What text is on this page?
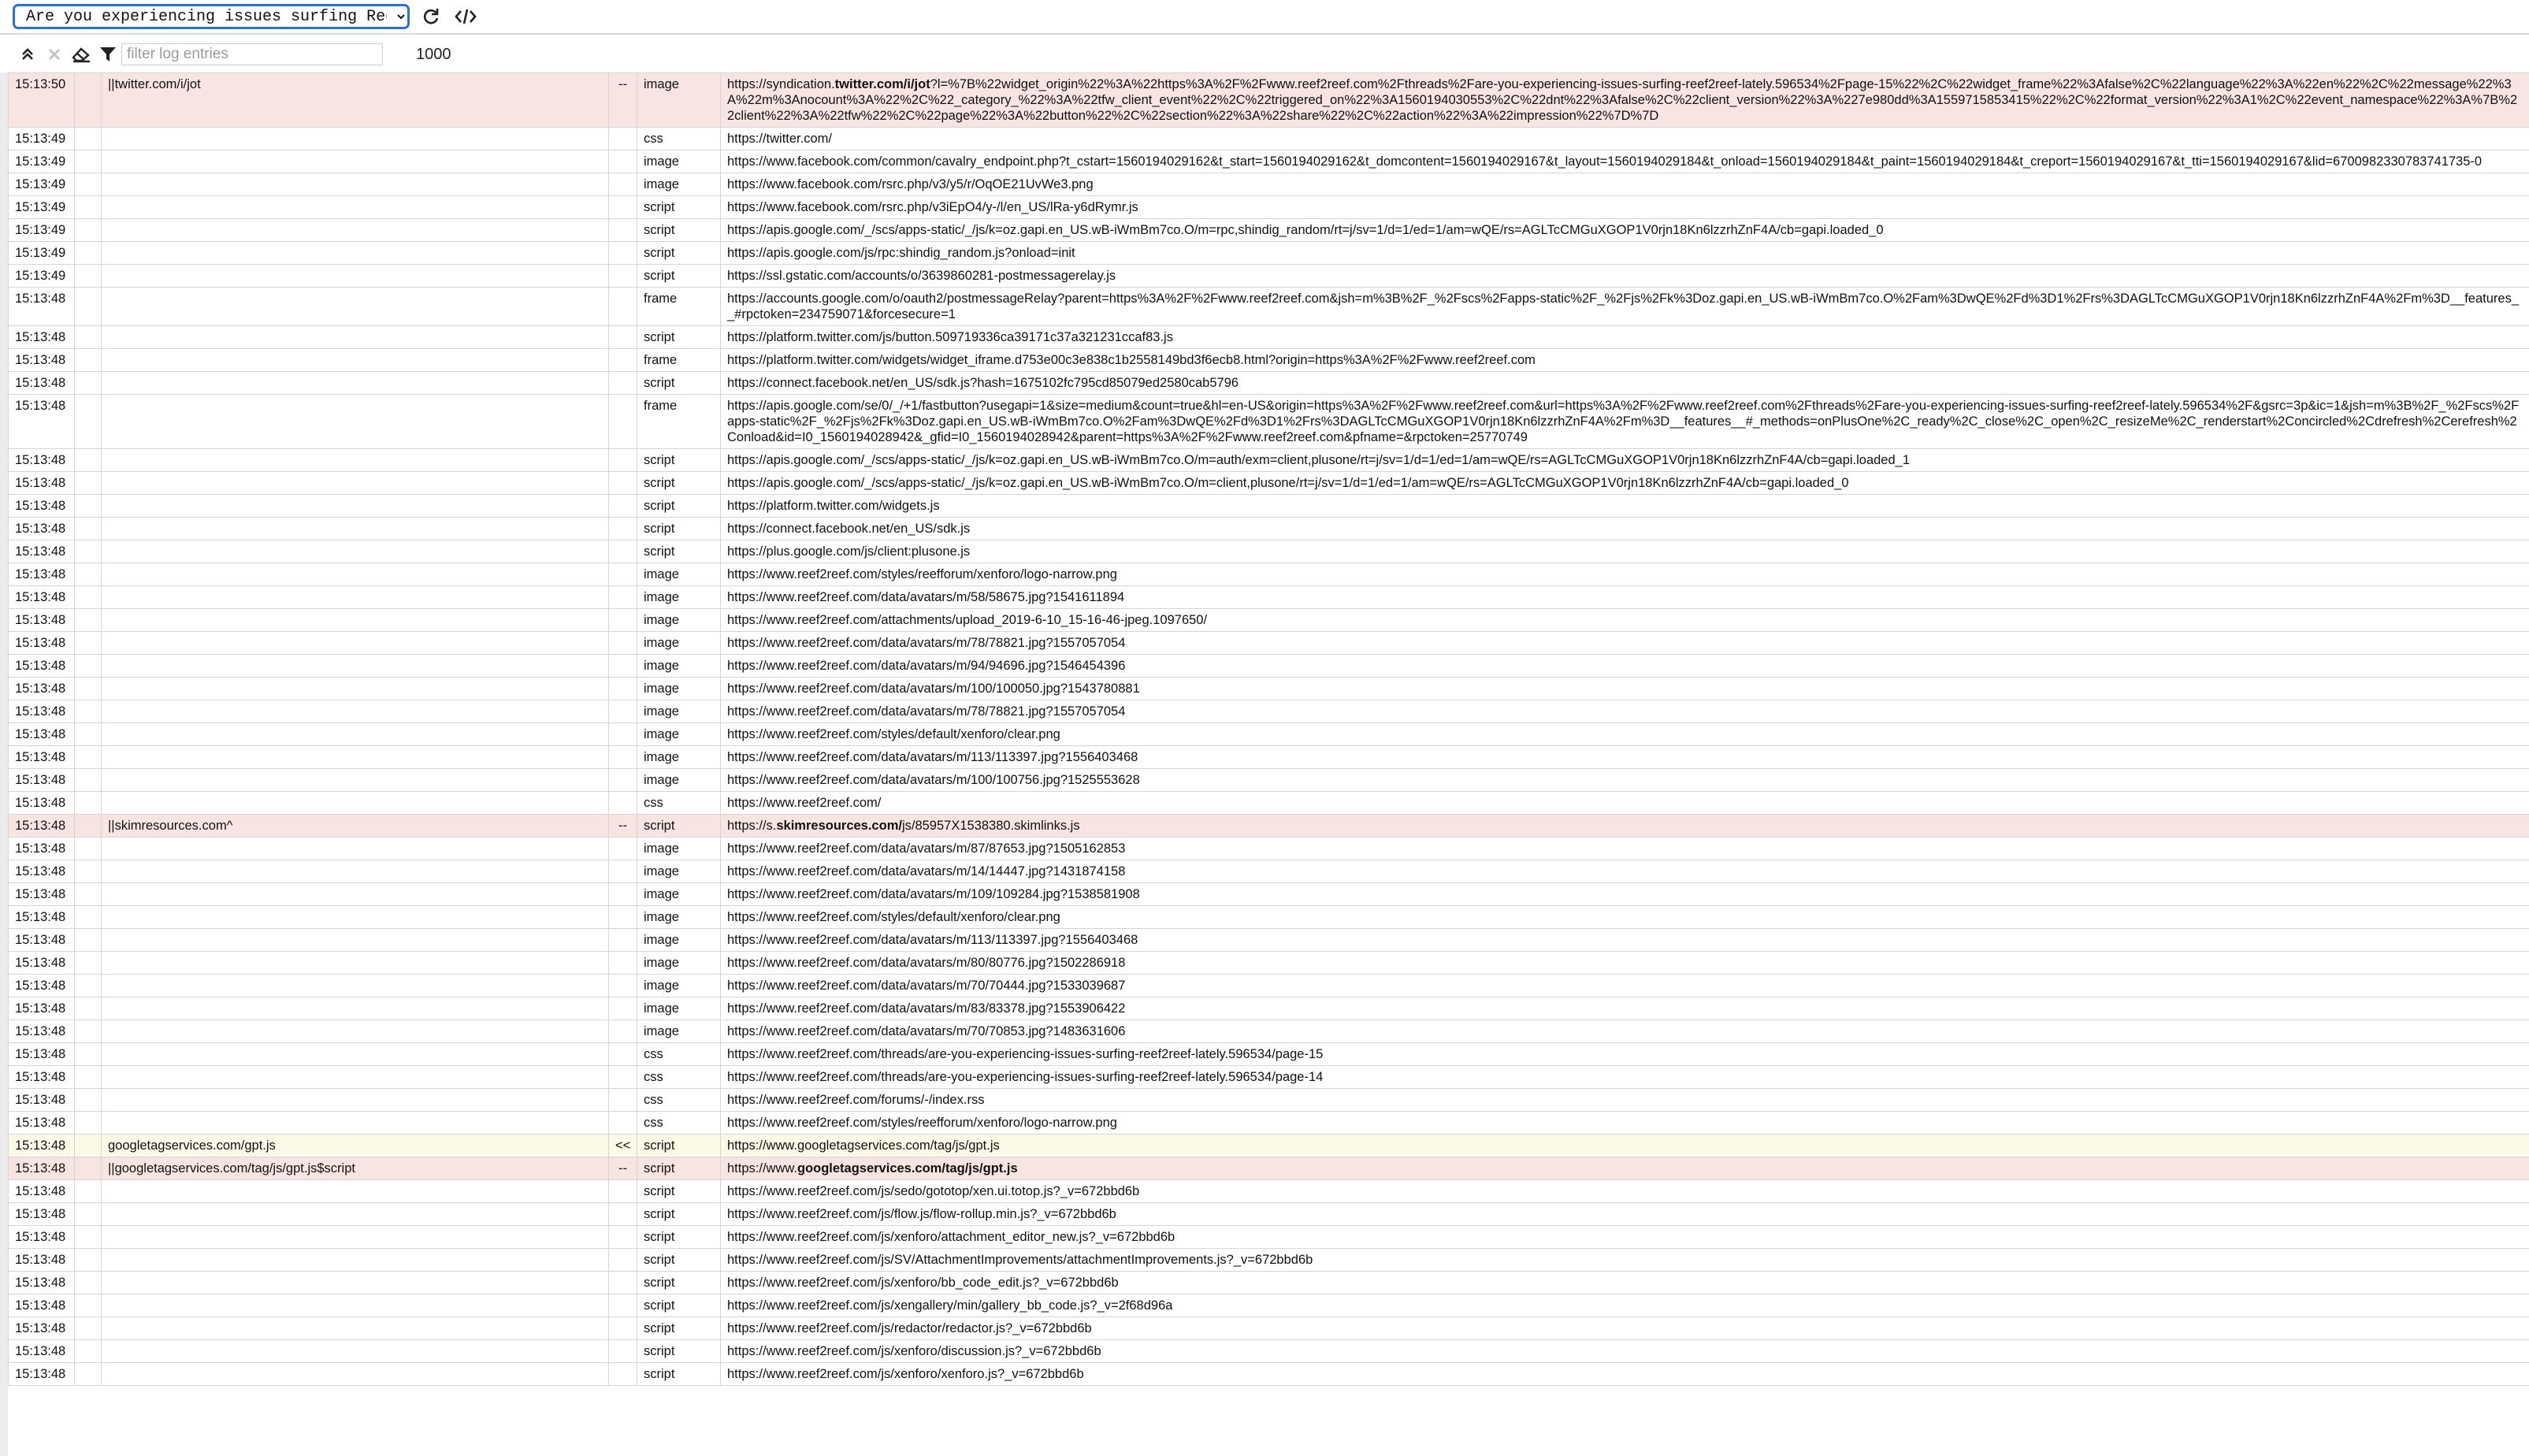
Are you experiencing issues surfing Reef2Reef lately?
filter log entries
1000
15:13:50		||twitter.com/i/jot	--	image	https://syndication.twitter.com/i/jot?l=%7B%22widget_origin%22%3A%22https%3A%2F%2Fwww.reef2reef.com%2Fthreads%2Fare-you-experiencing-issues-surfing-reef2reef-lately.596534%2Fpage-15%22%2C%22widget_frame%22%3Afalse%2C%22language%22%3A%22en%22%2C%22message%22%3A%22m%3Anocount%3A%22%2C%22_category_%22%3A%22tfw_client_event%22%2C%22triggered_on%22%3A1560194030553%2C%22dnt%22%3Afalse%2C%22client_version%22%3A%227e980dd%3A1559715853415%22%2C%22format_version%22%3A1%2C%22event_namespace%22%3A%7B%22client%22%3A%22tfw%22%2C%22page%22%3A%22button%22%2C%22section%22%3A%22share%22%2C%22action%22%3A%22impression%22%7D%7D
15:13:49				css	https://twitter.com/
15:13:49				image	https://www.facebook.com/common/cavalry_endpoint.php?t_cstart=1560194029162&t_start=1560194029162&t_domcontent=1560194029167&t_layout=1560194029184&t_onload=1560194029184&t_paint=1560194029184&t_creport=1560194029167&t_tti=1560194029167&lid=6700982330783741735-0
15:13:49				image	https://www.facebook.com/rsrc.php/v3/y5/r/OqOE21UvWe3.png
15:13:49				script	https://www.facebook.com/rsrc.php/v3iEpO4/y-/l/en_US/lRa-y6dRymr.js
15:13:49				script	https://apis.google.com/_/scs/apps-static/_/js/k=oz.gapi.en_US.wB-iWmBm7co.O/m=rpc,shindig_random/rt=j/sv=1/d=1/ed=1/am=wQE/rs=AGLTcCMGuXGOP1V0rjn18Kn6lzzrhZnF4A/cb=gapi.loaded_0
15:13:49				script	https://apis.google.com/js/rpc:shindig_random.js?onload=init
15:13:49				script	https://ssl.gstatic.com/accounts/o/3639860281-postmessagerelay.js
15:13:48				frame	https://accounts.google.com/o/oauth2/postmessageRelay?parent=https%3A%2F%2Fwww.reef2reef.com&jsh=m%3B%2F_%2Fscs%2Fapps-static%2F_%2Fjs%2Fk%3Doz.gapi.en_US.wB-iWmBm7co.O%2Fam%3DwQE%2Fd%3D1%2Frs%3DAGLTcCMGuXGOP1V0rjn18Kn6lzzrhZnF4A%2Fm%3D__features__#rpctoken=234759071&forcesecure=1
15:13:48				script	https://platform.twitter.com/js/button.509719336ca39171c37a321231ccaf83.js
15:13:48				frame	https://platform.twitter.com/widgets/widget_iframe.d753e00c3e838c1b2558149bd3f6ecb8.html?origin=https%3A%2F%2Fwww.reef2reef.com
15:13:48				script	https://connect.facebook.net/en_US/sdk.js?hash=1675102fc795cd85079ed2580cab5796
15:13:48				frame	https://apis.google.com/se/0/_/+1/fastbutton?usegapi=1&size=medium&count=true&hl=en-US&origin=https%3A%2F%2Fwww.reef2reef.com&url=https%3A%2F%2Fwww.reef2reef.com%2Fthreads%2Fare-you-experiencing-issues-surfing-reef2reef-lately.596534%2F&gsrc=3p&ic=1&jsh=m%3B%2F_%2Fscs%2Fapps-static%2F_%2Fjs%2Fk%3Doz.gapi.en_US.wB-iWmBm7co.O%2Fam%3DwQE%2Fd%3D1%2Frs%3DAGLTcCMGuXGOP1V0rjn18Kn6lzzrhZnF4A%2Fm%3D__features__#_methods=onPlusOne%2C_ready%2C_close%2C_open%2C_resizeMe%2C_renderstart%2Concircled%2Cdrefresh%2Cerefresh%2Conload&id=I0_1560194028942&_gfid=I0_1560194028942&parent=https%3A%2F%2Fwww.reef2reef.com&pfname=&rpctoken=25770749
15:13:48				script	https://apis.google.com/_/scs/apps-static/_/js/k=oz.gapi.en_US.wB-iWmBm7co.O/m=auth/exm=client,plusone/rt=j/sv=1/d=1/ed=1/am=wQE/rs=AGLTcCMGuXGOP1V0rjn18Kn6lzzrhZnF4A/cb=gapi.loaded_1
15:13:48				script	https://apis.google.com/_/scs/apps-static/_/js/k=oz.gapi.en_US.wB-iWmBm7co.O/m=client,plusone/rt=j/sv=1/d=1/ed=1/am=wQE/rs=AGLTcCMGuXGOP1V0rjn18Kn6lzzrhZnF4A/cb=gapi.loaded_0
15:13:48				script	https://platform.twitter.com/widgets.js
15:13:48				script	https://connect.facebook.net/en_US/sdk.js
15:13:48				script	https://plus.google.com/js/client:plusone.js
15:13:48				image	https://www.reef2reef.com/styles/reefforum/xenforo/logo-narrow.png
15:13:48				image	https://www.reef2reef.com/data/avatars/m/58/58675.jpg?1541611894
15:13:48				image	https://www.reef2reef.com/attachments/upload_2019-6-10_15-16-46-jpeg.1097650/
15:13:48				image	https://www.reef2reef.com/data/avatars/m/78/78821.jpg?1557057054
15:13:48				image	https://www.reef2reef.com/data/avatars/m/94/94696.jpg?1546454396
15:13:48				image	https://www.reef2reef.com/data/avatars/m/100/100050.jpg?1543780881
15:13:48				image	https://www.reef2reef.com/data/avatars/m/78/78821.jpg?1557057054
15:13:48				image	https://www.reef2reef.com/styles/default/xenforo/clear.png
15:13:48				image	https://www.reef2reef.com/data/avatars/m/113/113397.jpg?1556403468
15:13:48				image	https://www.reef2reef.com/data/avatars/m/100/100756.jpg?1525553628
15:13:48				css	https://www.reef2reef.com/
15:13:48		||skimresources.com^	--	script	https://s.skimresources.com/js/85957X1538380.skimlinks.js
15:13:48				image	https://www.reef2reef.com/data/avatars/m/87/87653.jpg?1505162853
15:13:48				image	https://www.reef2reef.com/data/avatars/m/14/14447.jpg?1431874158
15:13:48				image	https://www.reef2reef.com/data/avatars/m/109/109284.jpg?1538581908
15:13:48				image	https://www.reef2reef.com/styles/default/xenforo/clear.png
15:13:48				image	https://www.reef2reef.com/data/avatars/m/113/113397.jpg?1556403468
15:13:48				image	https://www.reef2reef.com/data/avatars/m/80/80776.jpg?1502286918
15:13:48				image	https://www.reef2reef.com/data/avatars/m/70/70444.jpg?1533039687
15:13:48				image	https://www.reef2reef.com/data/avatars/m/83/83378.jpg?1553906422
15:13:48				image	https://www.reef2reef.com/data/avatars/m/70/70853.jpg?1483631606
15:13:48				css	https://www.reef2reef.com/threads/are-you-experiencing-issues-surfing-reef2reef-lately.596534/page-15
15:13:48				css	https://www.reef2reef.com/threads/are-you-experiencing-issues-surfing-reef2reef-lately.596534/page-14
15:13:48				css	https://www.reef2reef.com/forums/-/index.rss
15:13:48				css	https://www.reef2reef.com/styles/reefforum/xenforo/logo-narrow.png
15:13:48		googletagservices.com/gpt.js	<<	script	https://www.googletagservices.com/tag/js/gpt.js
15:13:48		||googletagservices.com/tag/js/gpt.js$script	--	script	https://www.googletagservices.com/tag/js/gpt.js
15:13:48				script	https://www.reef2reef.com/js/sedo/gototop/xen.ui.totop.js?_v=672bbd6b
15:13:48				script	https://www.reef2reef.com/js/flow.js/flow-rollup.min.js?_v=672bbd6b
15:13:48				script	https://www.reef2reef.com/js/xenforo/attachment_editor_new.js?_v=672bbd6b
15:13:48				script	https://www.reef2reef.com/js/SV/AttachmentImprovements/attachmentImprovements.js?_v=672bbd6b
15:13:48				script	https://www.reef2reef.com/js/xenforo/bb_code_edit.js?_v=672bbd6b
15:13:48				script	https://www.reef2reef.com/js/xengallery/min/gallery_bb_code.js?_v=2f68d96a
15:13:48				script	https://www.reef2reef.com/js/redactor/redactor.js?_v=672bbd6b
15:13:48				script	https://www.reef2reef.com/js/xenforo/discussion.js?_v=672bbd6b
15:13:48				script	https://www.reef2reef.com/js/xenforo/xenforo.js?_v=672bbd6b
